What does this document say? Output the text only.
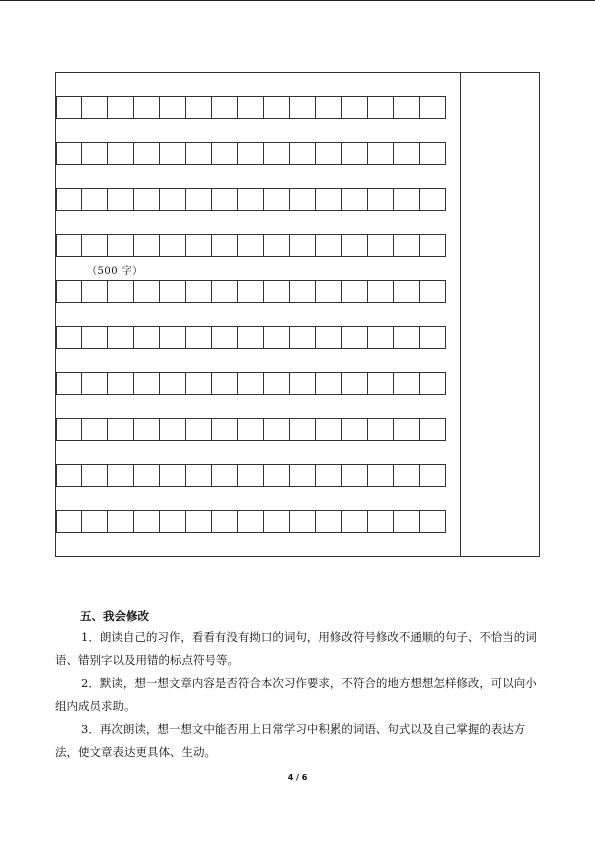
（500 字）
五、我会修改

1．朗读自己的习作，看看有没有拗口的词句，用修改符号修改不通顺的句子、不恰当的词语、错别字以及用错的标点符号等。

2．默读，想一想文章内容是否符合本次习作要求，不符合的地方想想怎样修改，可以向小组内成员求助。

3．再次朗读，想一想文中能否用上日常学习中积累的词语、句式以及自己掌握的表达方法，使文章表达更具体、生动。

4 / 6
